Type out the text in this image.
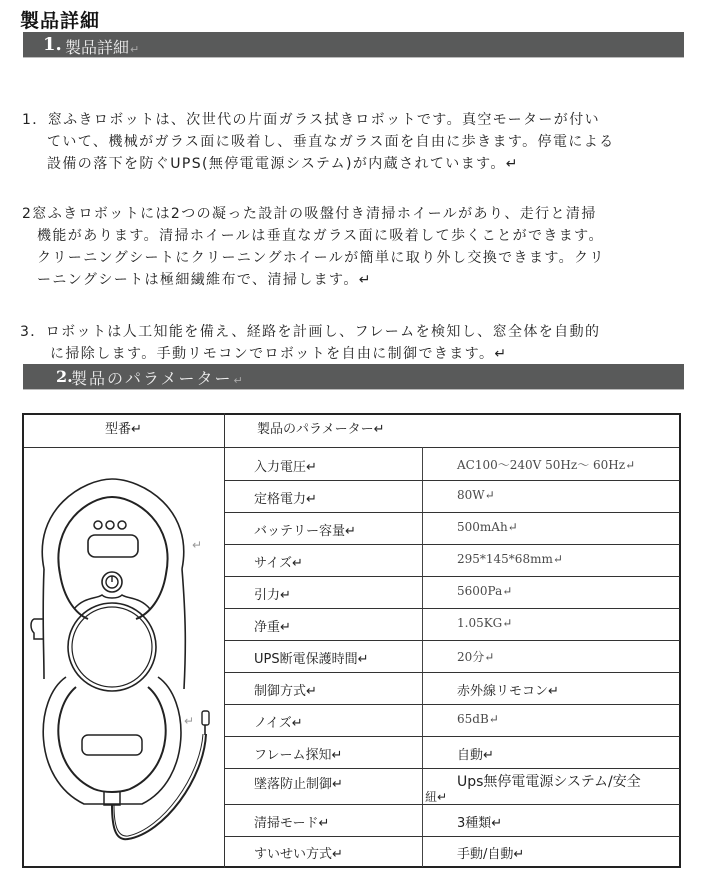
製品詳細
1. 製品詳細↵
1．窓ふきロボットは、次世代の片面ガラス拭きロボットです。真空モーターが付い
ていて、機械がガラス面に吸着し、垂直なガラス面を自由に歩きます。停電による
設備の落下を防ぐUPS(無停電電源システム)が内蔵されています。↵
2窓ふきロボットには2つの凝った設計の吸盤付き清掃ホイールがあり、走行と清掃
機能があります。清掃ホイールは垂直なガラス面に吸着して歩くことができます。
クリーニングシートにクリーニングホイールが簡単に取り外し交換できます。クリ
ーニングシートは極細繊維布で、清掃します。↵
3．ロボットは人工知能を備え、経路を計画し、フレームを検知し、窓全体を自動的
に掃除します。手動リモコンでロボットを自由に制御できます。↵
2.
製品のパラメーター↵
型番↵	製品のパラメーター↵
入力電圧↵	AC100～240V 50Hz～ 60Hz↵
定格電力↵	80W↵
バッテリー容量↵	500mAh↵
サイズ↵	295*145*68mm↵
引力↵	5600Pa↵
净重↵	1.05KG↵
UPS断電保護時間↵	20分↵
制御方式↵	赤外線リモコン↵
ノイズ↵	65dB↵
フレーム探知↵	自動↵
墜落防止制御↵	Ups無停電電源システム/安全
紐↵
清掃モード↵	3種類↵
すいせい方式↵	手動/自動↵
↵
↵
